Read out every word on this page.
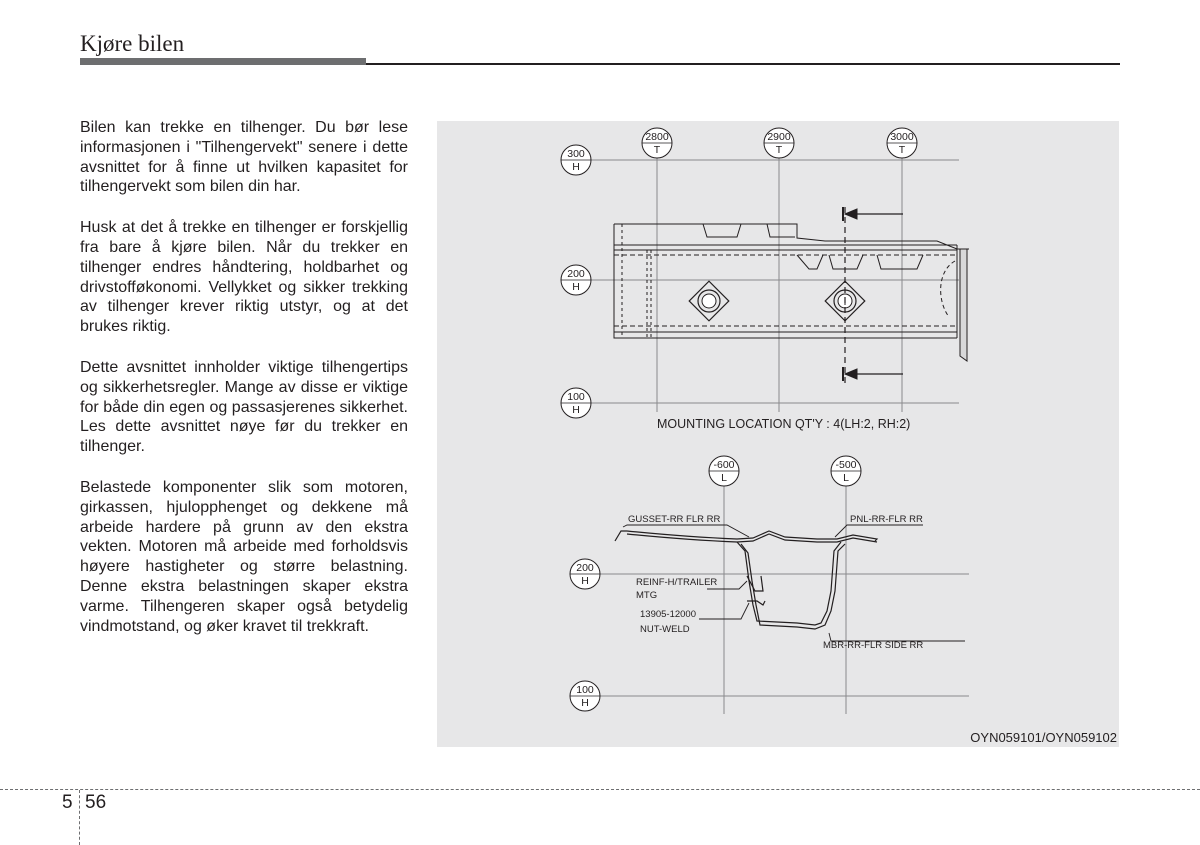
Kjøre bilen

Bilen kan trekke en tilhenger. Du bør lese informasjonen i "Tilhengervekt" senere i dette avsnittet for å finne ut hvilken kapasitet for tilhengervekt som bilen din har.

Husk at det å trekke en tilhenger er forskjellig fra bare å kjøre bilen. Når du trekker en tilhenger endres håndtering, holdbarhet og drivstofføkonomi. Vellykket og sikker trekking av tilhenger krever riktig utstyr, og at det brukes riktig.

Dette avsnittet innholder viktige tilhengertips og sikkerhetsregler. Mange av disse er viktige for både din egen og passasjerenes sikkerhet. Les dette avsnittet nøye før du trekker en tilhenger.

Belastede komponenter slik som motoren, girkassen, hjulopphenget og dekkene må arbeide hardere på grunn av den ekstra vekten. Motoren må arbeide med forholdsvis høyere hastigheter og større belastning. Denne ekstra belastningen skaper ekstra varme. Tilhengeren skaper også betydelig vindmotstand, og øker kravet til trekkraft.

2800
T
2900
T
3000
T
300
H
200
H
100
H
MOUNTING LOCATION QT'Y : 4(LH:2, RH:2)
-600
L
-500
L
200
H
100
H
GUSSET-RR FLR RR	PNL-RR-FLR RR
REINF-H/TRAILER
MTG
13905-12000
NUT-WELD
MBR-RR-FLR SIDE RR
OYN059101/OYN059102
5 56
